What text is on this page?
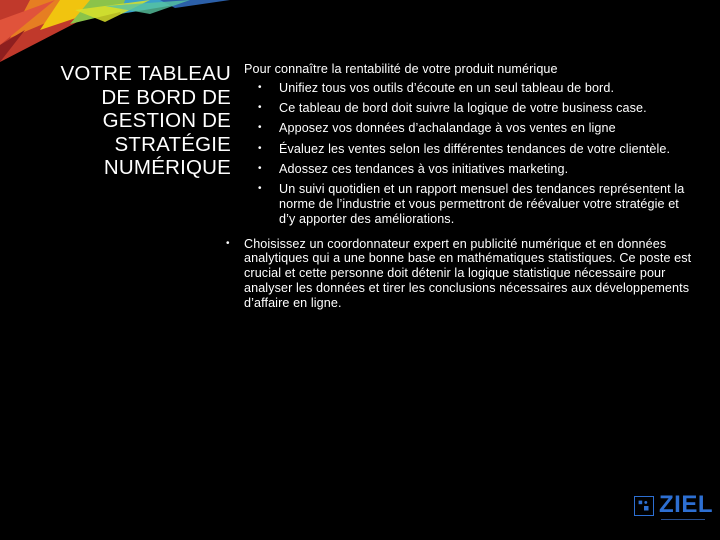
VOTRE TABLEAU
DE BORD DE
GESTION DE
STRATÉGIE
NUMÉRIQUE

Pour connaître la rentabilité de votre produit numérique

• Unifiez tous vos outils d’écoute en un seul tableau de bord.
• Ce tableau de bord doit suivre la logique de votre business case.
• Apposez vos données d’achalandage à vos ventes en ligne
• Évaluez les ventes selon les différentes tendances de votre clientèle.
• Adossez ces tendances à vos initiatives marketing.
• Un suivi quotidien et un rapport mensuel des tendances représentent la norme de l’industrie et vous permettront de réévaluer votre stratégie et d’y apporter des améliorations.
• Choisissez un coordonnateur expert en publicité numérique et en données analytiques qui a une bonne base en mathématiques statistiques. Ce poste est crucial et cette personne doit détenir la logique statistique nécessaire pour analyser les données et tirer les conclusions nécessaires aux développements d’affaire en ligne.
ZIEL
